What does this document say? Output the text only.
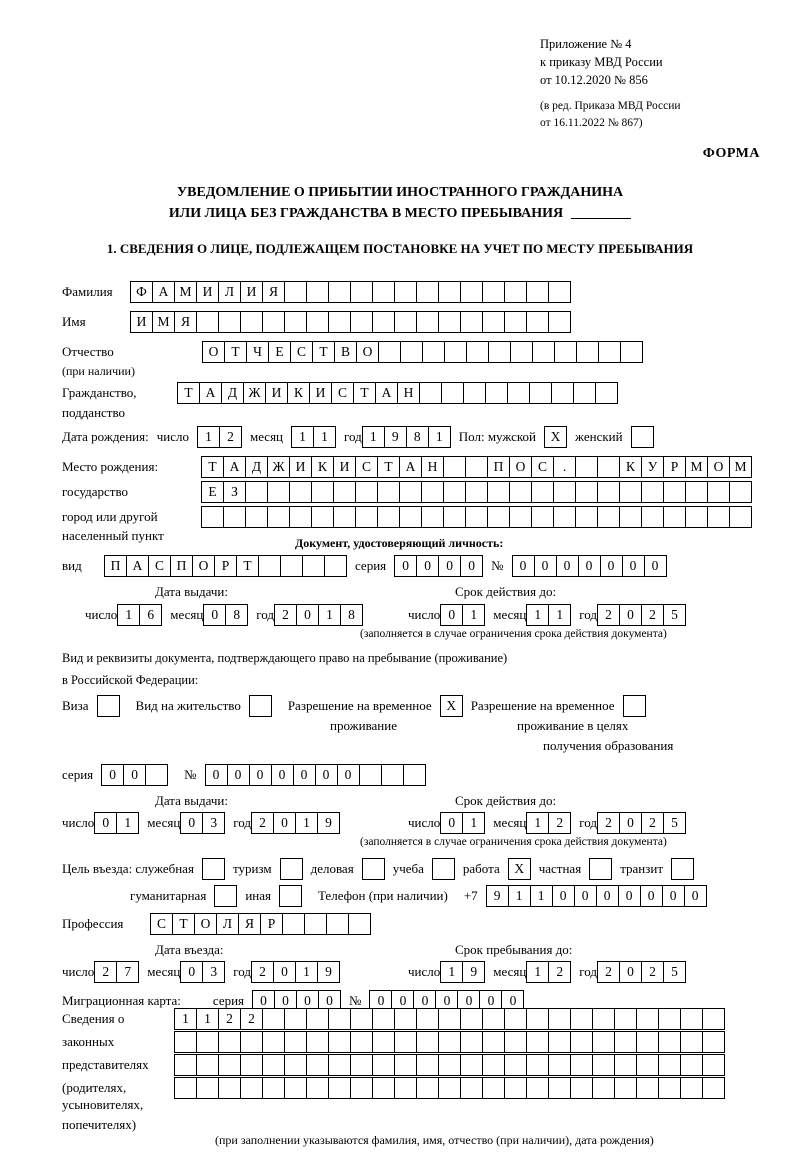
Приложение № 4
к приказу МВД России
от 10.12.2020 № 856
(в ред. Приказа МВД России
от 16.11.2022 № 867)
ФОРМА
УВЕДОМЛЕНИЕ О ПРИБЫТИИ ИНОСТРАННОГО ГРАЖДАНИНА
ИЛИ ЛИЦА БЕЗ ГРАЖДАНСТВА В МЕСТО ПРЕБЫВАНИЯ
1. СВЕДЕНИЯ О ЛИЦЕ, ПОДЛЕЖАЩЕМ ПОСТАНОВКЕ НА УЧЕТ ПО МЕСТУ ПРЕБЫВАНИЯ
Фамилия	Ф А М И Л И Я
Имя	И М Я
Отчество	О Т Ч Е С Т В О
(при наличии)
Гражданство,	Т А Д Ж И К И С Т А Н
подданство
Дата рождения: число	1	2	месяц	1	1	год 1	9	8	1	Пол: мужской	X	женский
Место рождения:	Т А Д Ж И К И С Т А Н	П О С	.	К У Р М О М
государство	Е	З
город или другой
населенный пункт	Документ, удостоверяющий личность:
вид	П А С П О Р	Т	серия	0	0	0	0	№	0	0	0	0	0	0	0
Дата выдачи:	Срок действия до:
число 1	6	месяц 0	8	год 2	0	1	8	число 0	1	месяц 1	1	год 2	0	2	5
(заполняется в случае ограничения срока действия документа)
Вид и реквизиты документа, подтверждающего право на пребывание (проживание)
в Российской Федерации:
Виза	Вид на жительство	Разрешение на временное	X	Разрешение на временное
проживание	проживание в целях
получения образования
серия	0	0	№	0	0	0	0	0	0	0
Дата выдачи:	Срок действия до:
число 0	1	месяц 0	3	год 2	0	1	9	число 0	1	месяц 1	2	год 2	0	2	5
(заполняется в случае ограничения срока действия документа)
Цель въезда: служебная	туризм	деловая	учеба	работа	X	частная	транзит
гуманитарная	иная	Телефон (при наличии) +7	9	1	1	0	0	0	0	0	0	0
Профессия	С Т О Л Я	Р
Дата въезда:	Срок пребывания до:
число 2	7	месяц 0	3	год 2	0	1	9	число 1	9	месяц 1	2	год 2	0	2	5
Миграционная карта: серия	0	0	0	0	№	0	0	0	0	0	0	0
Сведения о	1	1	2	2
законных
представителях
(родителях,
усыновителях,
попечителях)
(при заполнении указываются фамилия, имя, отчество (при наличии), дата рождения)
